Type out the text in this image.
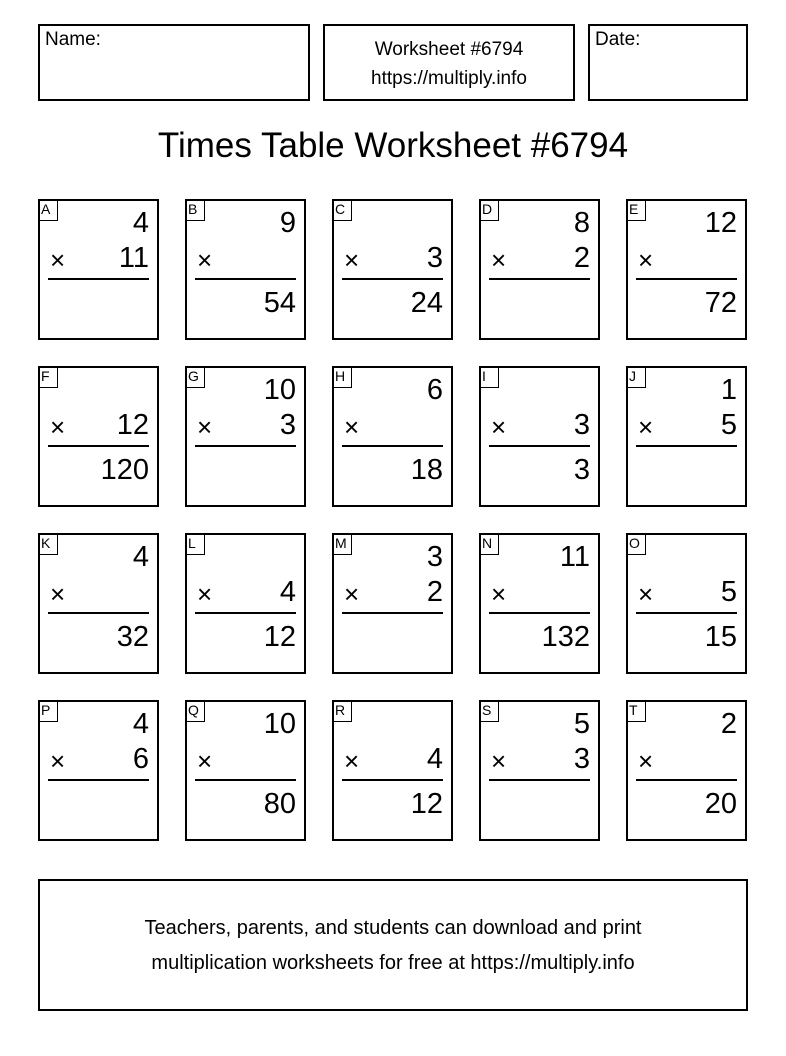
Name:	Worksheet #6794
https://multiply.info
Date:
Times Table Worksheet #6794
A	4
× 11
B	9
×
54
C
× 3
24
D	8
× 2
E 12
×
72
F
× 12
120
G 10
× 3
H	6
×
18
I
× 3
3
J	1
× 5
K	4
×
32
L
× 4
12
M	3
× 2
N 11
×
132
O
× 5
15
P	4
× 6
Q 10
×
80
R
× 4
12
S	5
× 3
T	2
×
20
Teachers, parents, and students can download and print
multiplication worksheets for free at https://multiply.info
